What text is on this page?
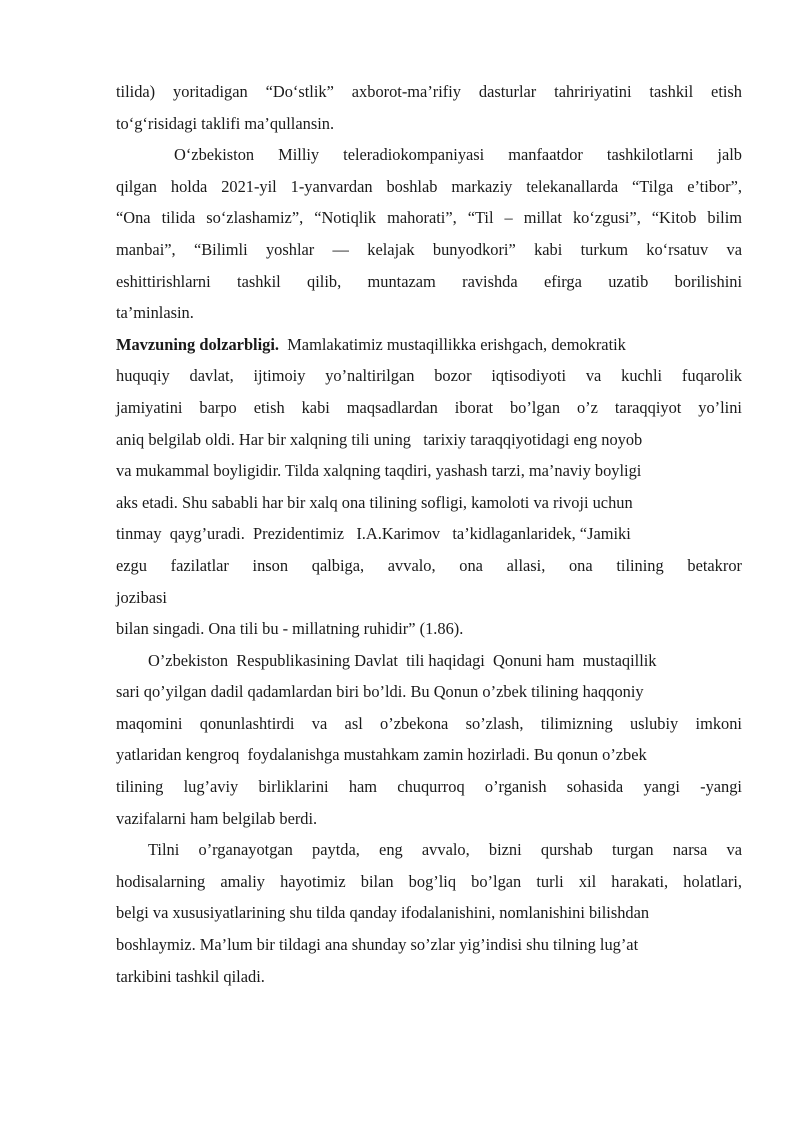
tilida) yoritadigan “Do‘stlik” axborot-ma’rifiy dasturlar tahririyatini tashkil etish
to‘g‘risidagi taklifi ma’qullansin.

O‘zbekiston Milliy teleradiokompaniyasi manfaatdor tashkilotlarni jalb
qilgan holda 2021-yil 1-yanvardan boshlab markaziy telekanallarda “Tilga e’tibor”,
“Ona tilida so‘zlashamiz”, “Notiqlik mahorati”, “Til – millat ko‘zgusi”, “Kitob bilim
manbai”, “Bilimli yoshlar — kelajak bunyodkori” kabi turkum ko‘rsatuv va
eshittirishlarni tashkil qilib, muntazam ravishda efirga uzatib borilishini
ta’minlasin.

Mavzuning dolzarbligi. Mamlakatimiz mustaqillikka erishgach, demokratik
huquqiy davlat, ijtimoiy yo’naltirilgan bozor iqtisodiyoti va kuchli fuqarolik
jamiyatini barpo etish kabi maqsadlardan iborat bo’lgan o’z taraqqiyot yo’lini
aniq belgilab oldi. Har bir xalqning tili uning   tarixiy taraqqiyotidagi eng noyob
va mukammal boyligidir. Tilda xalqning taqdiri, yashash tarzi, ma’naviy boyligi
aks etadi. Shu sababli har bir xalq ona tilining sofligi, kamoloti va rivoji uchun
tinmay  qayg’uradi.  Prezidentimiz   I.A.Karimov   ta’kidlaganlaridek, “Jamiki
ezgu fazilatlar inson qalbiga, avvalo, ona allasi, ona tilining betakror
jozibasi
bilan singadi. Ona tili bu - millatning ruhidir” (1.86).

O’zbekiston  Respublikasining Davlat  tili haqidagi  Qonuni ham  mustaqillik
sari qo’yilgan dadil qadamlardan biri bo’ldi. Bu Qonun o’zbek tilining haqqoniy
maqomini qonunlashtirdi va asl o’zbekona so’zlash, tilimizning uslubiy imkoni
yatlaridan kengroq  foydalanishga mustahkam zamin hozirladi. Bu qonun o’zbek
tilining lug’aviy birliklarini ham chuqurroq o’rganish sohasida yangi -yangi
vazifalarni ham belgilab berdi.

Tilni o’rganayotgan paytda, eng avvalo, bizni qurshab turgan narsa va
hodisalarning amaliy hayotimiz bilan bog’liq bo’lgan turli xil harakati, holatlari,
belgi va xususiyatlarining shu tilda qanday ifodalanishini, nomlanishini bilishdan
boshlaymiz. Ma’lum bir tildagi ana shunday so’zlar yig’indisi shu tilning lug’at
tarkibini tashkil qiladi.
